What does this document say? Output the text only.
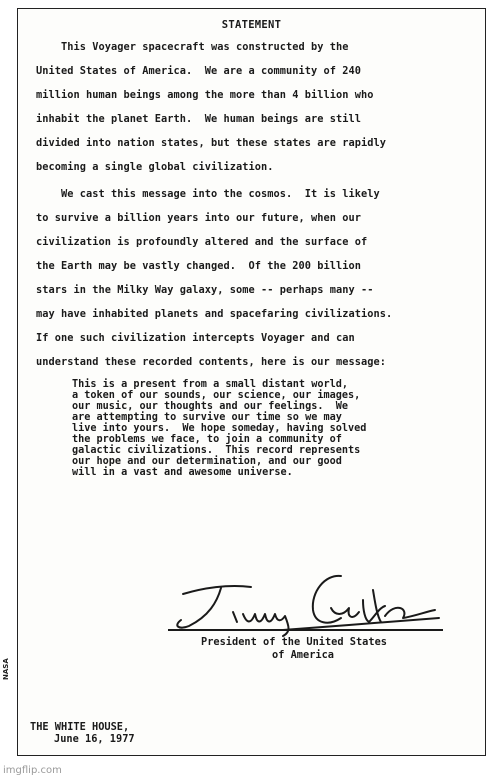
STATEMENT
This Voyager spacecraft was constructed by the
United States of America.  We are a community of 240
million human beings among the more than 4 billion who
inhabit the planet Earth.  We human beings are still
divided into nation states, but these states are rapidly
becoming a single global civilization.
We cast this message into the cosmos.  It is likely
to survive a billion years into our future, when our
civilization is profoundly altered and the surface of
the Earth may be vastly changed.  Of the 200 billion
stars in the Milky Way galaxy, some -- perhaps many --
may have inhabited planets and spacefaring civilizations.
If one such civilization intercepts Voyager and can
understand these recorded contents, here is our message:
This is a present from a small distant world,
a token of our sounds, our science, our images,
our music, our thoughts and our feelings.  We
are attempting to survive our time so we may
live into yours.  We hope someday, having solved
the problems we face, to join a community of
galactic civilizations.  This record represents
our hope and our determination, and our good
will in a vast and awesome universe.
President of the United States
of America
THE WHITE HOUSE,
June 16, 1977
NASA
imgflip.com
